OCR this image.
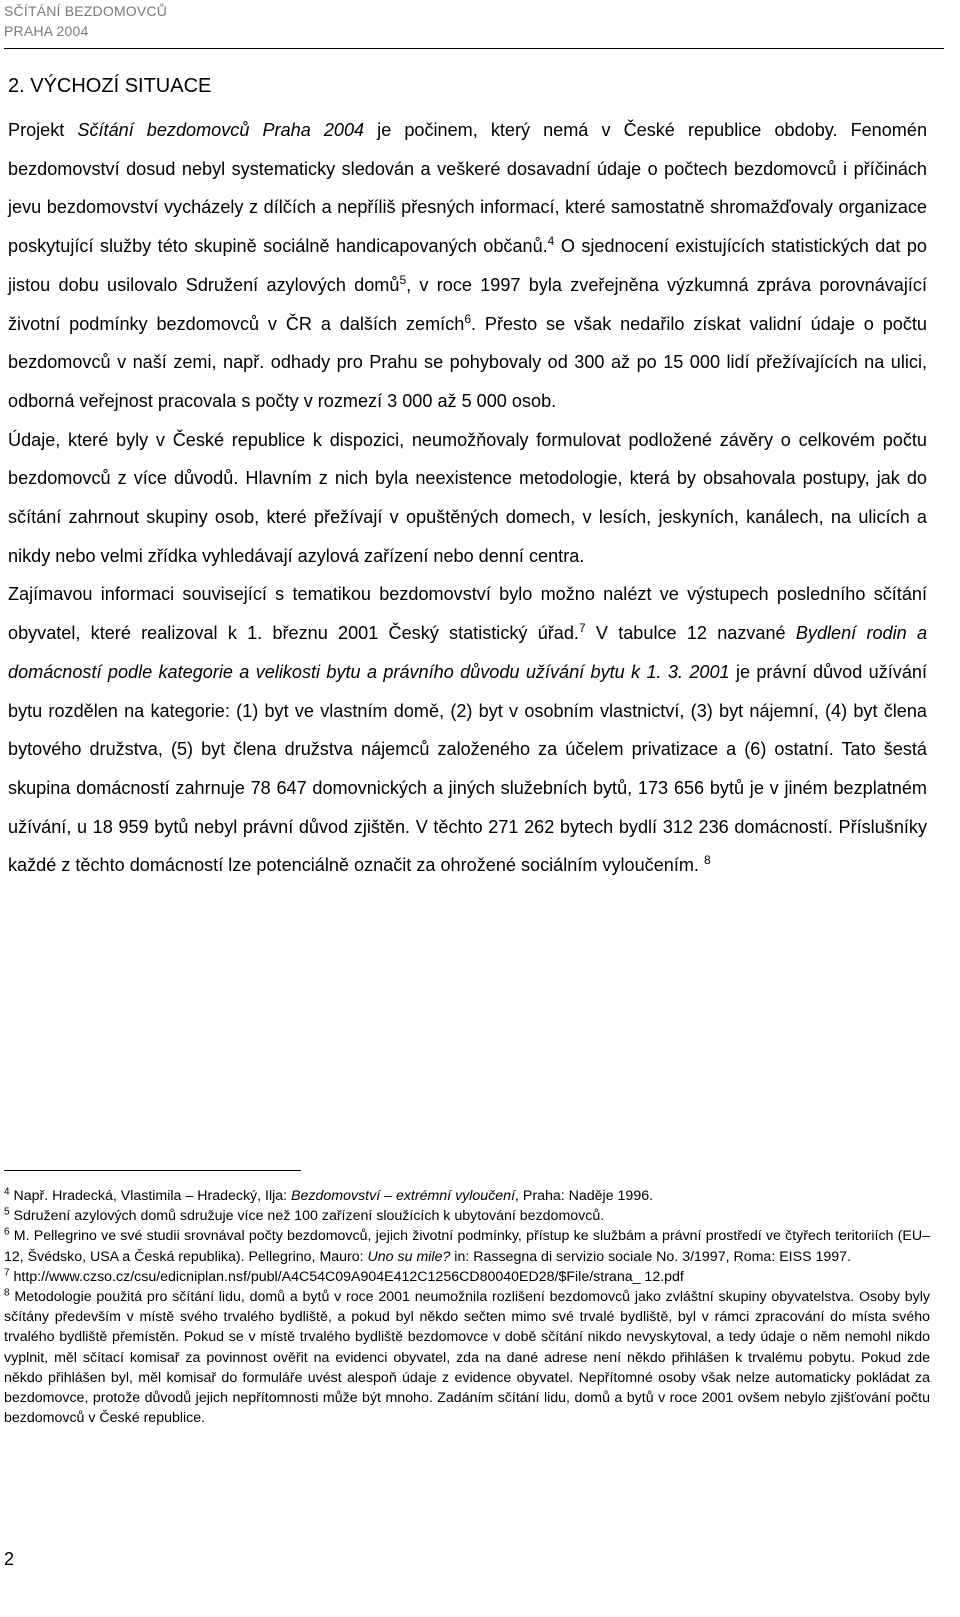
SČÍTÁNÍ BEZDOMOVCŮ
PRAHA 2004
2. VÝCHOZÍ SITUACE

Projekt Sčítání bezdomovců Praha 2004 je počinem, který nemá v České republice obdoby. Fenomén bezdomovství dosud nebyl systematicky sledován a veškeré dosavadní údaje o počtech bezdomovců i příčinách jevu bezdomovství vycházely z dílčích a nepříliš přesných informací, které samostatně shromažďovaly organizace poskytující služby této skupině sociálně handicapovaných občanů.$^4$ O sjednocení existujících statistických dat po jistou dobu usilovalo Sdružení azylových domů$^5$, v roce 1997 byla zveřejněna výzkumná zpráva porovnávající životní podmínky bezdomovců v ČR a dalších zemích$^6$. Přesto se však nedařilo získat validní údaje o počtu bezdomovců v naší zemi, např. odhady pro Prahu se pohybovaly od 300 až po 15 000 lidí přežívajících na ulici, odborná veřejnost pracovala s počty v rozmezí 3 000 až 5 000 osob.

Údaje, které byly v České republice k dispozici, neumožňovaly formulovat podložené závěry o celkovém počtu bezdomovců z více důvodů. Hlavním z nich byla neexistence metodologie, která by obsahovala postupy, jak do sčítání zahrnout skupiny osob, které přežívají v opuštěných domech, v lesích, jeskyních, kanálech, na ulicích a nikdy nebo velmi zřídka vyhledávají azylová zařízení nebo denní centra.

Zajímavou informaci související s tematikou bezdomovství bylo možno nalézt ve výstupech posledního sčítání obyvatel, které realizoval k 1. březnu 2001 Český statistický úřad.$^7$ V tabulce 12 nazvané Bydlení rodin a domácností podle kategorie a velikosti bytu a právního důvodu užívání bytu k 1. 3. 2001 je právní důvod užívání bytu rozdělen na kategorie: (1) byt ve vlastním domě, (2) byt v osobním vlastnictví, (3) byt nájemní, (4) byt člena bytového družstva, (5) byt člena družstva nájemců založeného za účelem privatizace a (6) ostatní. Tato šestá skupina domácností zahrnuje 78 647 domovnických a jiných služebních bytů, 173 656 bytů je v jiném bezplatném užívání, u 18 959 bytů nebyl právní důvod zjištěn. V těchto 271 262 bytech bydlí 312 236 domácností. Příslušníky každé z těchto domácností lze potenciálně označit za ohrožené sociálním vyloučením. $^8$

$^4$ Např. Hradecká, Vlastimila – Hradecký, Ilja: Bezdomovství – extrémní vyloučení, Praha: Naděje 1996.

$^5$ Sdružení azylových domů sdružuje více než 100 zařízení sloužících k ubytování bezdomovců.

$^6$ M. Pellegrino ve své studii srovnával počty bezdomovců, jejich životní podmínky, přístup ke službám a právní prostředí ve čtyřech teritoriích (EU–12, Švédsko, USA a Česká republika). Pellegrino, Mauro: Uno su mile? in: Rassegna di servizio sociale No. 3/1997, Roma: EISS 1997.

$^7$ http://www.czso.cz/csu/edicniplan.nsf/publ/A4C54C09A904E412C1256CD80040ED28/$File/strana_ 12.pdf

$^8$ Metodologie použitá pro sčítání lidu, domů a bytů v roce 2001 neumožnila rozlišení bezdomovců jako zvláštní skupiny obyvatelstva. Osoby byly sčítány především v místě svého trvalého bydliště, a pokud byl někdo sečten mimo své trvalé bydliště, byl v rámci zpracování do místa svého trvalého bydliště přemístěn. Pokud se v místě trvalého bydliště bezdomovce v době sčítání nikdo nevyskytoval, a tedy údaje o něm nemohl nikdo vyplnit, měl sčítací komisař za povinnost ověřit na evidenci obyvatel, zda na dané adrese není někdo přihlášen k trvalému pobytu. Pokud zde někdo přihlášen byl, měl komisař do formuláře uvést alespoň údaje z evidence obyvatel. Nepřítomné osoby však nelze automaticky pokládat za bezdomovce, protože důvodů jejich nepřítomnosti může být mnoho. Zadáním sčítání lidu, domů a bytů v roce 2001 ovšem nebylo zjišťování počtu bezdomovců v České republice.

2
